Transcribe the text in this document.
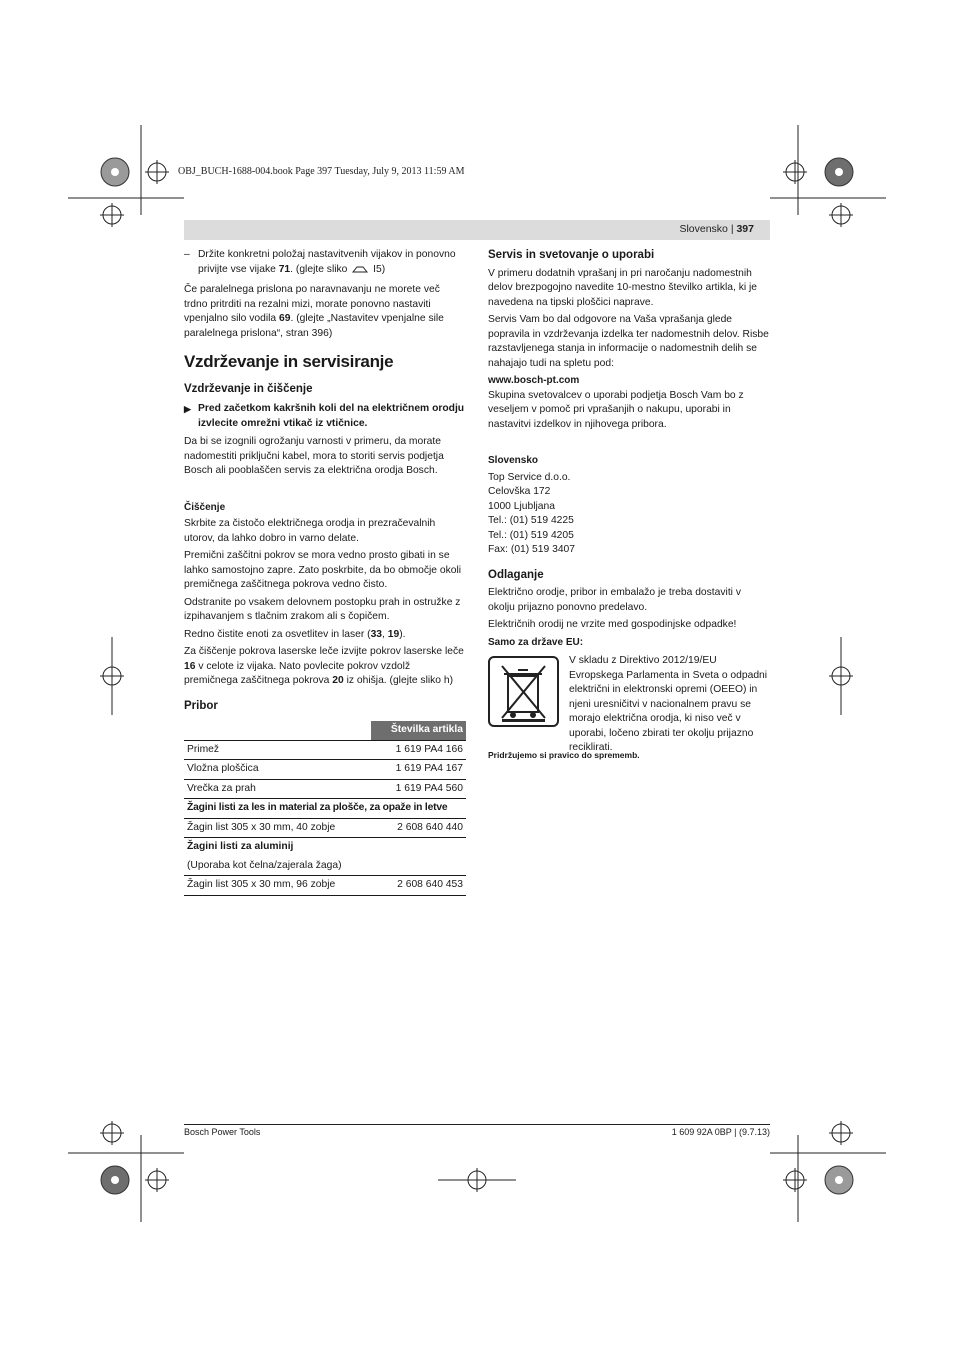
OBJ_BUCH-1688-004.book Page 397 Tuesday, July 9, 2013 11:59 AM
Slovensko | 397
– Držite konkretni položaj nastavitvenih vijakov in ponovno privijte vse vijake 71. (glejte sliko	I5)

Če paralelnega prislona po naravnavanju ne morete več trdno pritrditi na rezalni mizi, morate ponovno nastaviti vpenjalno silo vodila 69. (glejte „Nastavitev vpenjalne sile paralelnega prislona“, stran 396)

Vzdrževanje in servisiranje
Vzdrževanje in čiščenje
▶ Pred začetkom kakršnih koli del na električnem orodju izvlecite omrežni vtikač iz vtičnice.

Da bi se izognili ogrožanju varnosti v primeru, da morate nadomestiti priključni kabel, mora to storiti servis podjetja Bosch ali pooblaščen servis za električna orodja Bosch.

Čiščenje

Skrbite za čistočo električnega orodja in prezračevalnih utorov, da lahko dobro in varno delate.

Premični zaščitni pokrov se mora vedno prosto gibati in se lahko samostojno zapre. Zato poskrbite, da bo območje okoli premičnega zaščitnega pokrova vedno čisto.

Odstranite po vsakem delovnem postopku prah in ostružke z izpihavanjem s tlačnim zrakom ali s čopičem.

Redno čistite enoti za osvetlitev in laser (33, 19).

Za čiščenje pokrova laserske leče izvijte pokrov laserske leče 16 v celote iz vijaka. Nato povlecite pokrov vzdolž premičnega zaščitnega pokrova 20 iz ohišja. (glejte sliko h)

Pribor
	Številka artikla
Primež	1 619 PA4 166
Vložna ploščica	1 619 PA4 167
Vrečka za prah	1 619 PA4 560
Žagini listi za les in material za plošče, za opaže in letve	
Žagin list 305 x 30 mm, 40 zobje	2 608 640 440
Žagini listi za aluminij	
(Uporaba kot čelna/zajerala žaga)	
Žagin list 305 x 30 mm, 96 zobje	2 608 640 453
Servis in svetovanje o uporabi

V primeru dodatnih vprašanj in pri naročanju nadomestnih delov brezpogojno navedite 10-mestno številko artikla, ki je navedena na tipski ploščici naprave.

Servis Vam bo dal odgovore na Vaša vprašanja glede popravila in vzdrževanja izdelka ter nadomestnih delov. Risbe razstavljenega stanja in informacije o nadomestnih delih se nahajajo tudi na spletu pod:

www.bosch-pt.com

Skupina svetovalcev o uporabi podjetja Bosch Vam bo z veseljem v pomoč pri vprašanjih o nakupu, uporabi in nastavitvi izdelkov in njihovega pribora.

Slovensko
Top Service d.o.o.
Celovška 172
1000 Ljubljana
Tel.: (01) 519 4225
Tel.: (01) 519 4205
Fax: (01) 519 3407
Odlaganje

Električno orodje, pribor in embalažo je treba dostaviti v okolju prijazno ponovno predelavo.

Električnih orodij ne vrzite med gospodinjske odpadke!

Samo za države EU:
V skladu z Direktivo 2012/19/EU Evropskega Parlamenta in Sveta o odpadni električni in elektronski opremi (OEEO) in njeni uresničitvi v nacionalnem pravu se morajo električna orodja, ki niso več v uporabi, ločeno zbirati ter okolju prijazno reciklirati.
Pridržujemo si pravico do sprememb.
Bosch Power Tools	1 609 92A 0BP | (9.7.13)
